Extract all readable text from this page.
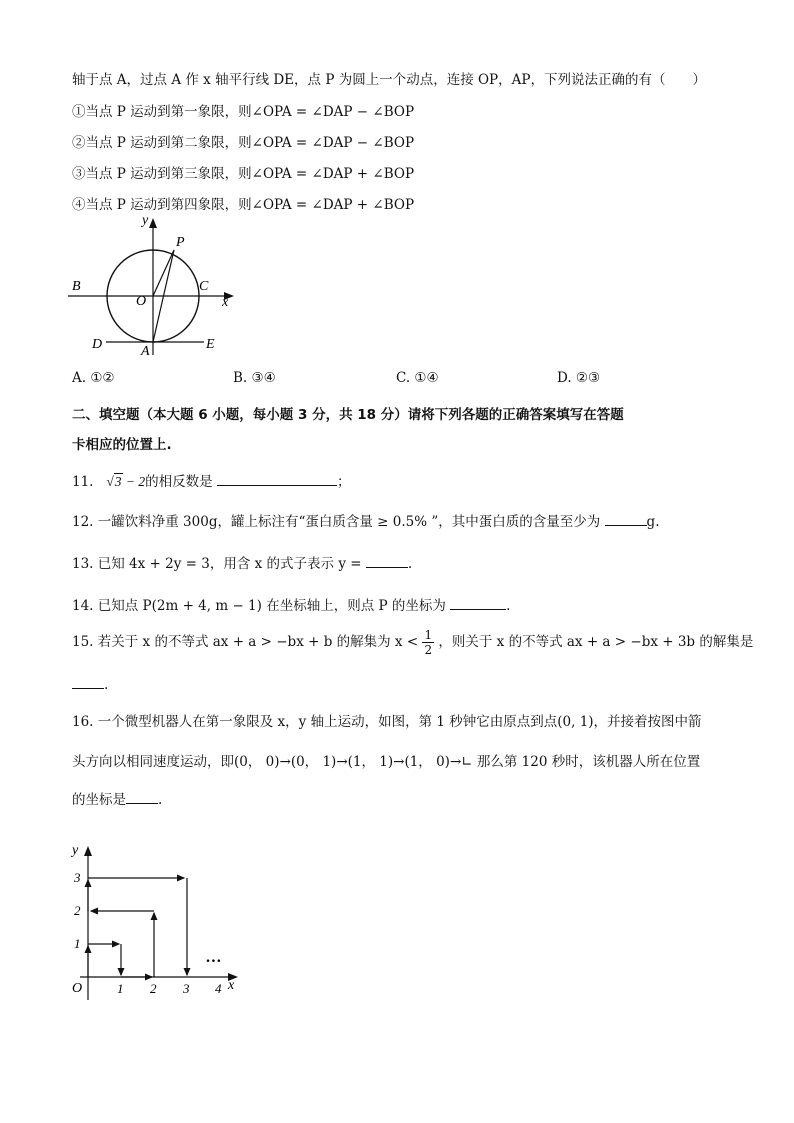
轴于点 A，过点 A 作 x 轴平行线 DE，点 P 为圆上一个动点，连接 OP，AP，下列说法正确的有（　　）
①当点 P 运动到第一象限，则∠OPA = ∠DAP − ∠BOP
②当点 P 运动到第二象限，则∠OPA = ∠DAP − ∠BOP
③当点 P 运动到第三象限，则∠OPA = ∠DAP + ∠BOP
④当点 P 运动到第四象限，则∠OPA = ∠DAP + ∠BOP
y
P
B	C
O	x
D	A	E
A. ①②	B. ③④	C. ①④	D. ②③
二、填空题（本大题 6 小题，每小题 3 分，共 18 分）请将下列各题的正确答案填写在答题
卡相应的位置上.
11. √3 − 2的相反数是	；
12. 一罐饮料净重 300g，罐上标注有“蛋白质含量 ≥ 0.5% ”，其中蛋白质的含量至少为	g.
13. 已知 4x + 2y = 3，用含 x 的式子表示 y =	.
14. 已知点 P(2m + 4, m − 1) 在坐标轴上，则点 P 的坐标为	.
15. 若关于 x 的不等式 ax + a > −bx + b 的解集为 $x < \frac{1}{2}$ ，则关于 x 的不等式 ax + a > −bx + 3b 的解集是
.
16. 一个微型机器人在第一象限及 x，y 轴上运动，如图，第 1 秒钟它由原点到点(0, 1)，并接着按图中箭
头方向以相同速度运动，即(0， 0)→(0， 1)→(1， 1)→(1， 0)→∟ 那么第 120 秒时，该机器人所在位置
的坐标是 .
y
O
1
2
3
1 2 3 4 x
…
